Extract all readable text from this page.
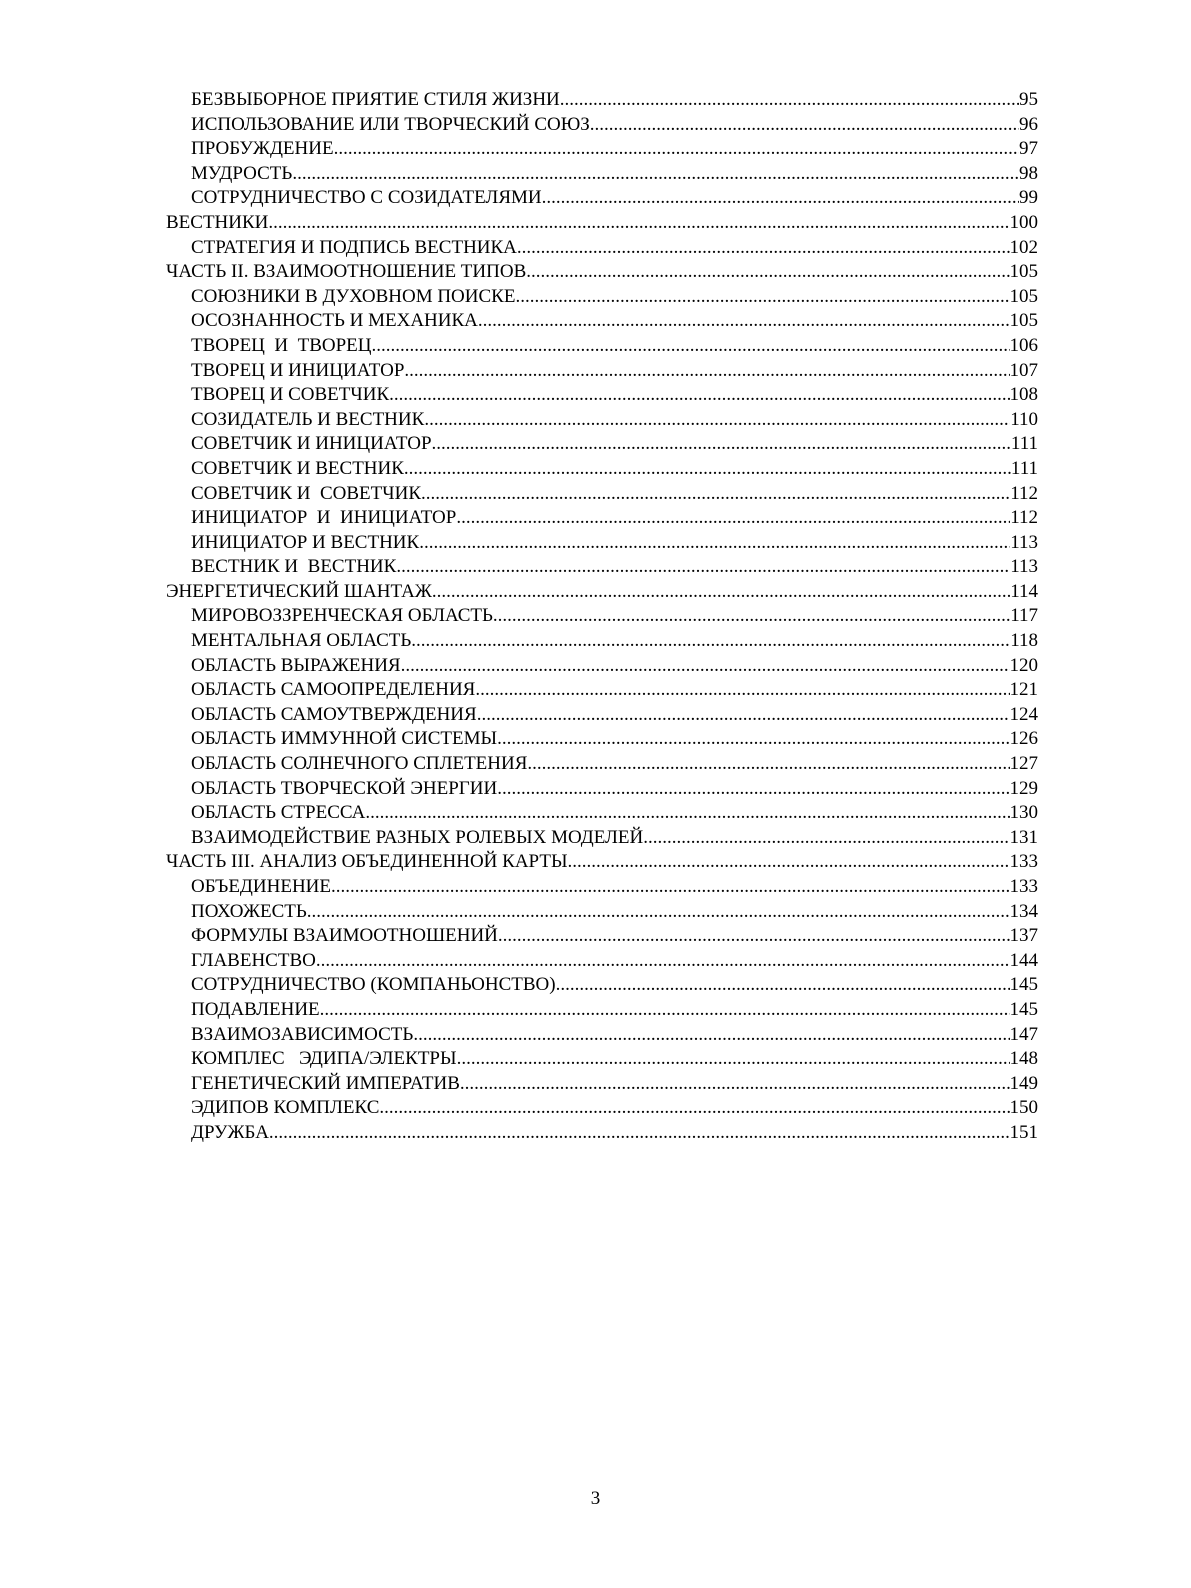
БЕЗВЫБОРНОЕ ПРИЯТИЕ СТИЛЯ ЖИЗНИ .....	95
ИСПОЛЬЗОВАНИЕ ИЛИ ТВОРЧЕСКИЙ СОЮЗ .....	96
ПРОБУЖДЕНИЕ .....	97
МУДРОСТЬ .....	98
СОТРУДНИЧЕСТВО С СОЗИДАТЕЛЯМИ .....	99
ВЕСТНИКИ .....	100
СТРАТЕГИЯ И ПОДПИСЬ ВЕСТНИКА .....	102
ЧАСТЬ II. ВЗАИМООТНОШЕНИЕ ТИПОВ .....	105
СОЮЗНИКИ В ДУХОВНОМ ПОИСКЕ .....	105
ОСОЗНАННОСТЬ И МЕХАНИКА .....	105
ТВОРЕЦ  И  ТВОРЕЦ .....	106
ТВОРЕЦ И ИНИЦИАТОР .....	107
ТВОРЕЦ И СОВЕТЧИК .....	108
СОЗИДАТЕЛЬ И ВЕСТНИК .....	110
СОВЕТЧИК И ИНИЦИАТОР .....	111
СОВЕТЧИК И ВЕСТНИК .....	111
СОВЕТЧИК И  СОВЕТЧИК .....	112
ИНИЦИАТОР  И  ИНИЦИАТОР .....	112
ИНИЦИАТОР И ВЕСТНИК .....	113
ВЕСТНИК И  ВЕСТНИК .....	113
ЭНЕРГЕТИЧЕСКИЙ ШАНТАЖ .....	114
МИРОВОЗЗРЕНЧЕСКАЯ ОБЛАСТЬ .....	117
МЕНТАЛЬНАЯ ОБЛАСТЬ .....	118
ОБЛАСТЬ ВЫРАЖЕНИЯ .....	120
ОБЛАСТЬ САМООПРЕДЕЛЕНИЯ .....	121
ОБЛАСТЬ САМОУТВЕРЖДЕНИЯ .....	124
ОБЛАСТЬ ИММУННОЙ СИСТЕМЫ .....	126
ОБЛАСТЬ СОЛНЕЧНОГО СПЛЕТЕНИЯ .....	127
ОБЛАСТЬ ТВОРЧЕСКОЙ ЭНЕРГИИ .....	129
ОБЛАСТЬ СТРЕССА .....	130
ВЗАИМОДЕЙСТВИЕ РАЗНЫХ РОЛЕВЫХ МОДЕЛЕЙ .....	131
ЧАСТЬ III. АНАЛИЗ ОБЪЕДИНЕННОЙ КАРТЫ .....	133
ОБЪЕДИНЕНИЕ .....	133
ПОХОЖЕСТЬ .....	134
ФОРМУЛЫ ВЗАИМООТНОШЕНИЙ .....	137
ГЛАВЕНСТВО .....	144
СОТРУДНИЧЕСТВО (КОМПАНЬОНСТВО) .....	145
ПОДАВЛЕНИЕ .....	145
ВЗАИМОЗАВИСИМОСТЬ .....	147
КОМПЛЕС   ЭДИПА/ЭЛЕКТРЫ .....	148
ГЕНЕТИЧЕСКИЙ ИМПЕРАТИВ .....	149
ЭДИПОВ КОМПЛЕКС .....	150
ДРУЖБА .....	151
3
